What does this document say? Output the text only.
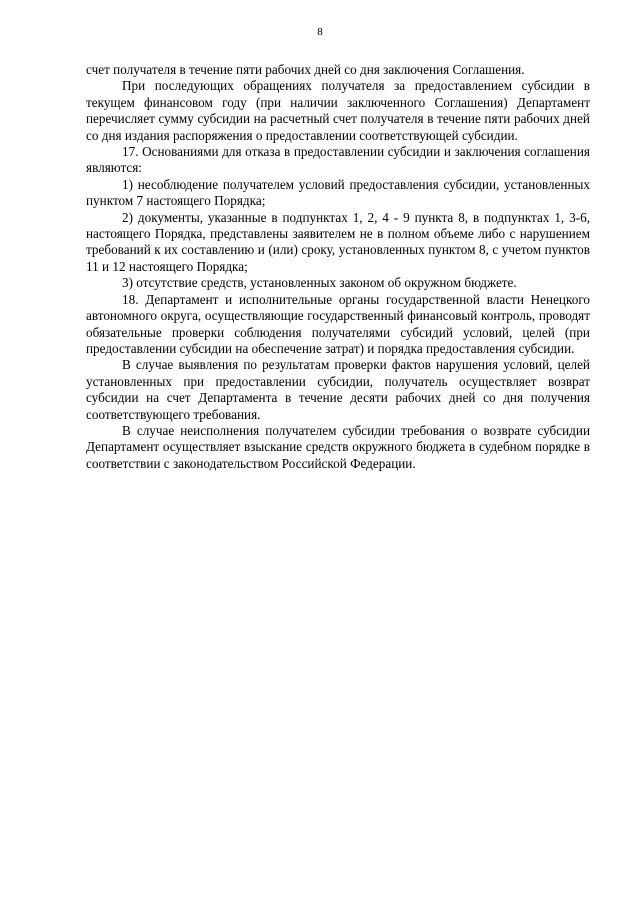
8

счет получателя в течение пяти рабочих дней со дня заключения Соглашения.

При последующих обращениях получателя за предоставлением субсидии в текущем финансовом году (при наличии заключенного Соглашения) Департамент перечисляет сумму субсидии на расчетный счет получателя в течение пяти рабочих дней со дня издания распоряжения о предоставлении соответствующей субсидии.

17. Основаниями для отказа в предоставлении субсидии и заключения соглашения являются:

1) несоблюдение получателем условий предоставления субсидии, установленных пунктом 7 настоящего Порядка;

2) документы, указанные в подпунктах 1, 2, 4 - 9 пункта 8, в подпунктах 1, 3-6, настоящего Порядка, представлены заявителем не в полном объеме либо с нарушением требований к их составлению и (или) сроку, установленных пунктом 8, с учетом пунктов 11 и 12 настоящего Порядка;

3) отсутствие средств, установленных законом об окружном бюджете.

18. Департамент и исполнительные органы государственной власти Ненецкого автономного округа, осуществляющие государственный финансовый контроль, проводят обязательные проверки соблюдения получателями субсидий условий, целей (при предоставлении субсидии на обеспечение затрат) и порядка предоставления субсидии.

В случае выявления по результатам проверки фактов нарушения условий, целей установленных при предоставлении субсидии, получатель осуществляет возврат субсидии на счет Департамента в течение десяти рабочих дней со дня получения соответствующего требования.

В случае неисполнения получателем субсидии требования о возврате субсидии Департамент осуществляет взыскание средств окружного бюджета в судебном порядке в соответствии с законодательством Российской Федерации.
